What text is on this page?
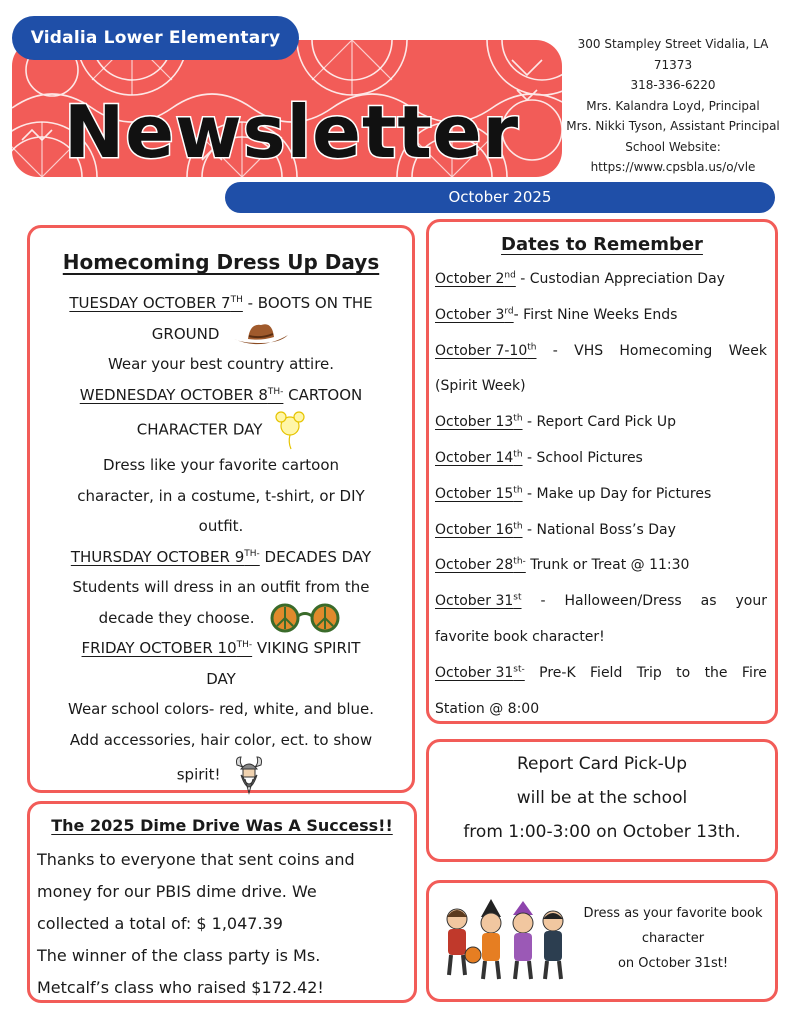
Vidalia Lower Elementary
Newsletter
300 Stampley Street Vidalia, LA
71373
318-336-6220
Mrs. Kalandra Loyd, Principal
Mrs. Nikki Tyson, Assistant Principal
School Website:
https://www.cpsbla.us/o/vle
October 2025
Homecoming Dress Up Days
TUESDAY OCTOBER 7TH - BOOTS ON THE
GROUND
Wear your best country attire.
WEDNESDAY OCTOBER $8^{TH-}$ CARTOON
CHARACTER DAY
Dress like your favorite cartoon
character, in a costume, t-shirt, or DIY
outfit.
THURSDAY OCTOBER $9^{TH-}$ DECADES DAY
Students will dress in an outfit from the
decade they choose.
FRIDAY OCTOBER $10^{TH-}$ VIKING SPIRIT
DAY
Wear school colors- red, white, and blue.
Add accessories, hair color, ect. to show
spirit!
Dates to Remember
October 2nd - Custodian Appreciation Day
October 3rd- First Nine Weeks Ends
October 7-10th - VHS Homecoming Week
(Spirit Week)
October 13th - Report Card Pick Up
October 14th - School Pictures
October 15th - Make up Day for Pictures
October 16th - National Boss’s Day
October $28^{th-}$ Trunk or Treat @ 11:30
October 31st - Halloween/Dress as your
favorite book character!
October $31^{st-}$ Pre-K Field Trip to the Fire
Station @ 8:00
The 2025 Dime Drive Was A Success!!
Thanks to everyone that sent coins and
money for our PBIS dime drive. We
collected a total of: $ 1,047.39
The winner of the class party is Ms.
Metcalf’s class who raised $172.42!
Report Card Pick-Up
will be at the school
from 1:00-3:00 on October 13th.
Dress as your favorite book
character
on October 31st!
